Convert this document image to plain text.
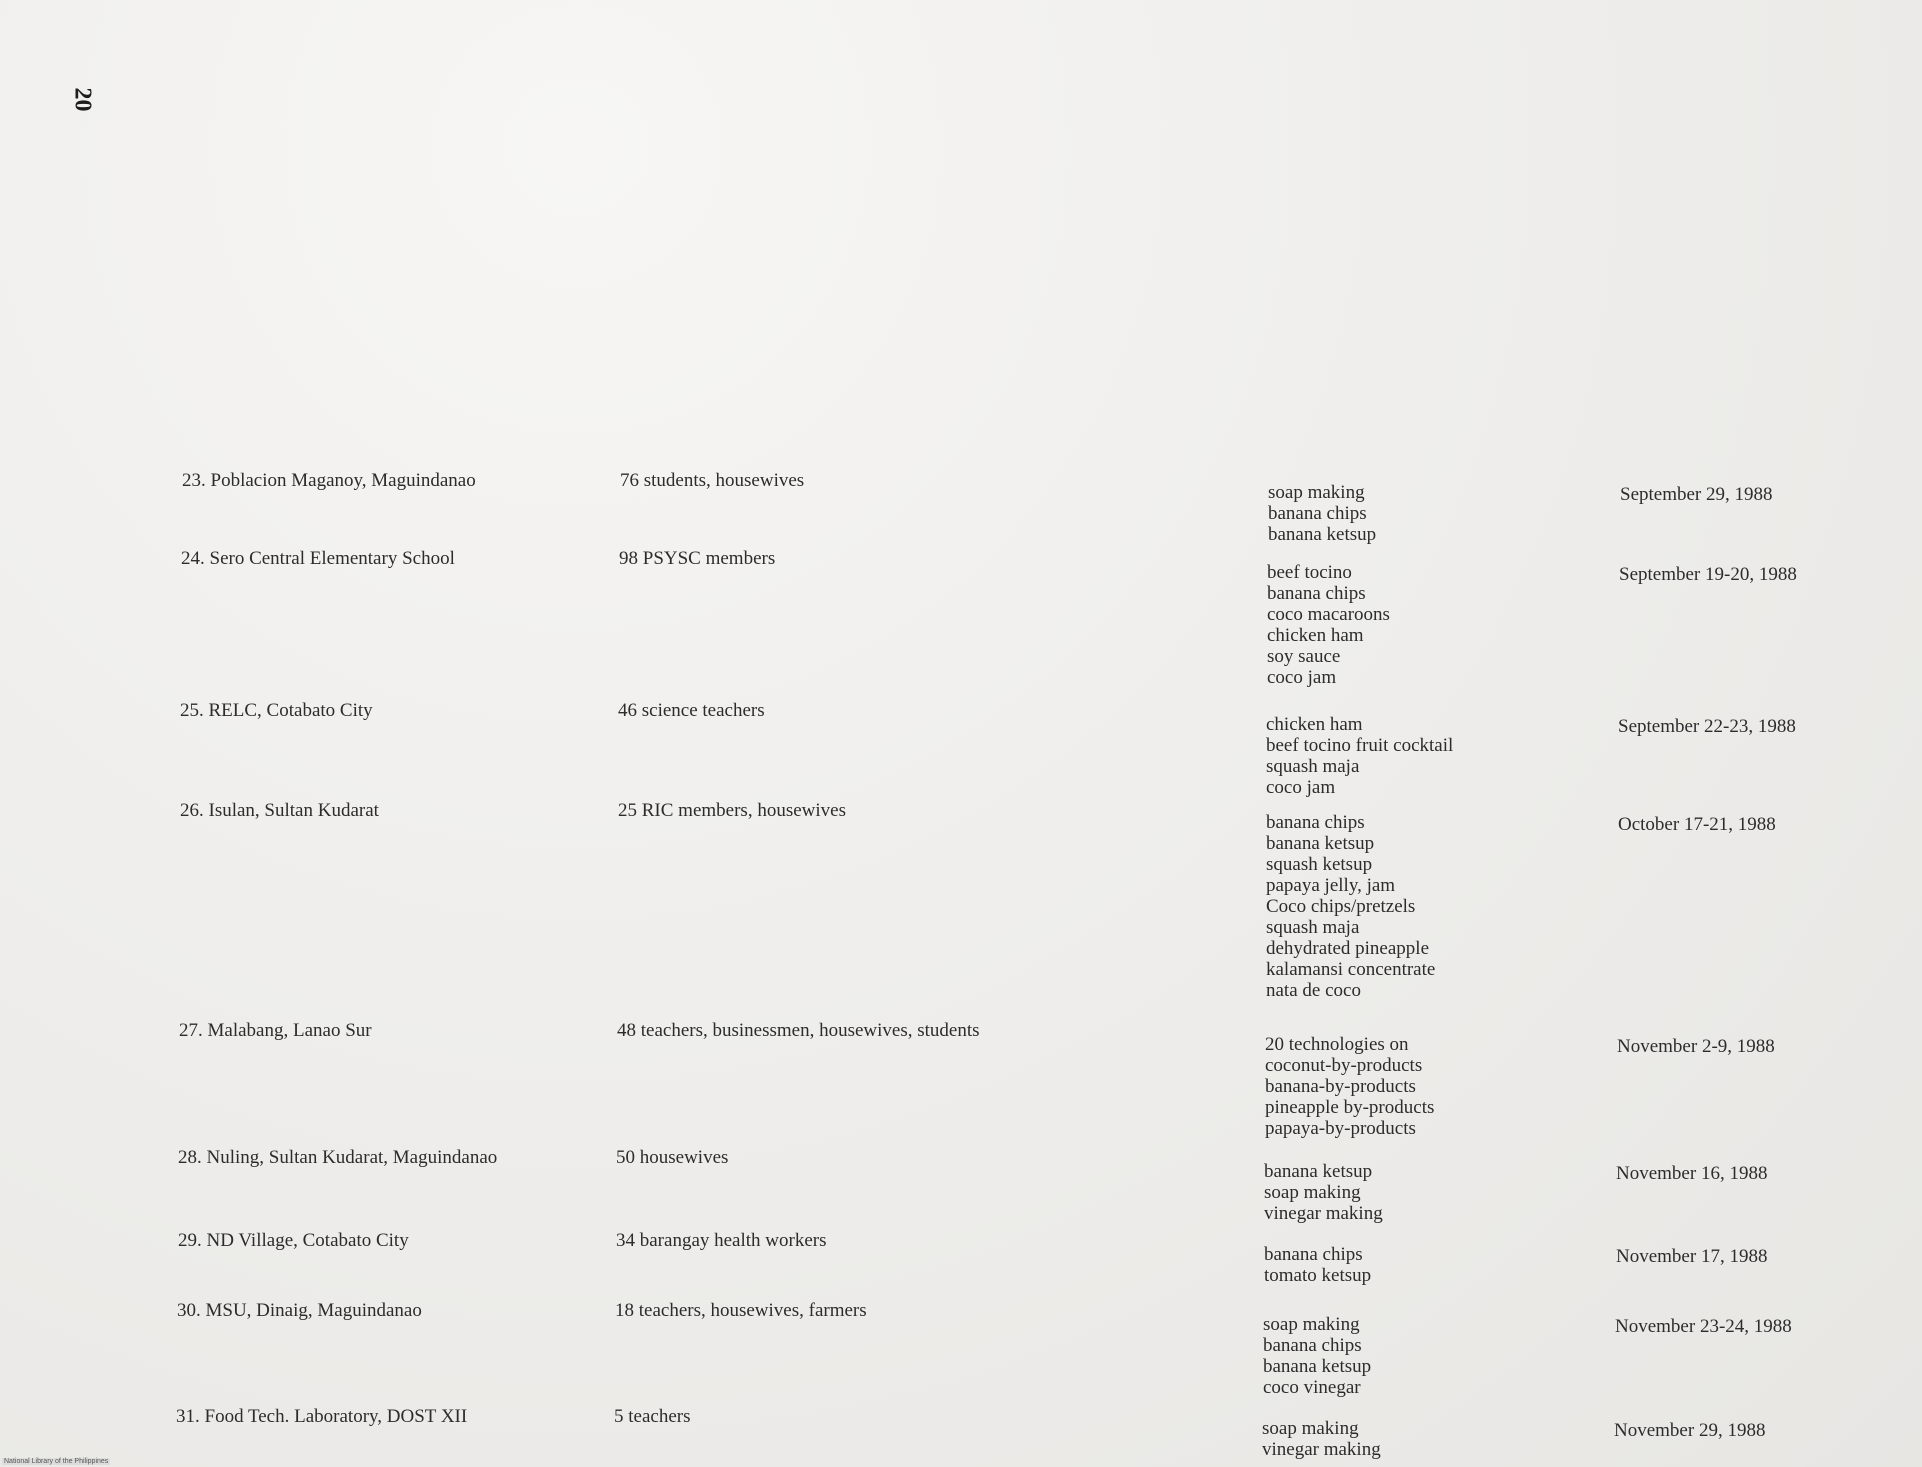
20
23. Poblacion Maganoy, Maguindanao	76 students, housewives
soap making
banana chips
banana ketsup
September 29, 1988
24. Sero Central Elementary School	98 PSYSC members
beef tocino
banana chips
coco macaroons
chicken ham
soy sauce
coco jam
September 19-20, 1988
25. RELC, Cotabato City	46 science teachers
chicken ham
beef tocino fruit cocktail
squash maja
coco jam
September 22-23, 1988
26. Isulan, Sultan Kudarat	25 RIC members, housewives
banana chips
banana ketsup
squash ketsup
papaya jelly, jam
Coco chips/pretzels
squash maja
dehydrated pineapple
kalamansi concentrate
nata de coco
October 17-21, 1988
27. Malabang, Lanao Sur	48 teachers, businessmen, housewives, students
20 technologies on
coconut-by-products
banana-by-products
pineapple by-products
papaya-by-products
November 2-9, 1988
28. Nuling, Sultan Kudarat, Maguindanao	50 housewives
banana ketsup
soap making
vinegar making
November 16, 1988
29. ND Village, Cotabato City	34 barangay health workers
banana chips
tomato ketsup
November 17, 1988
30. MSU, Dinaig, Maguindanao	18 teachers, housewives, farmers
soap making
banana chips
banana ketsup
coco vinegar
November 23-24, 1988
31. Food Tech. Laboratory, DOST XII	5 teachers
soap making
vinegar making
November 29, 1988
National Library of the Philippines
